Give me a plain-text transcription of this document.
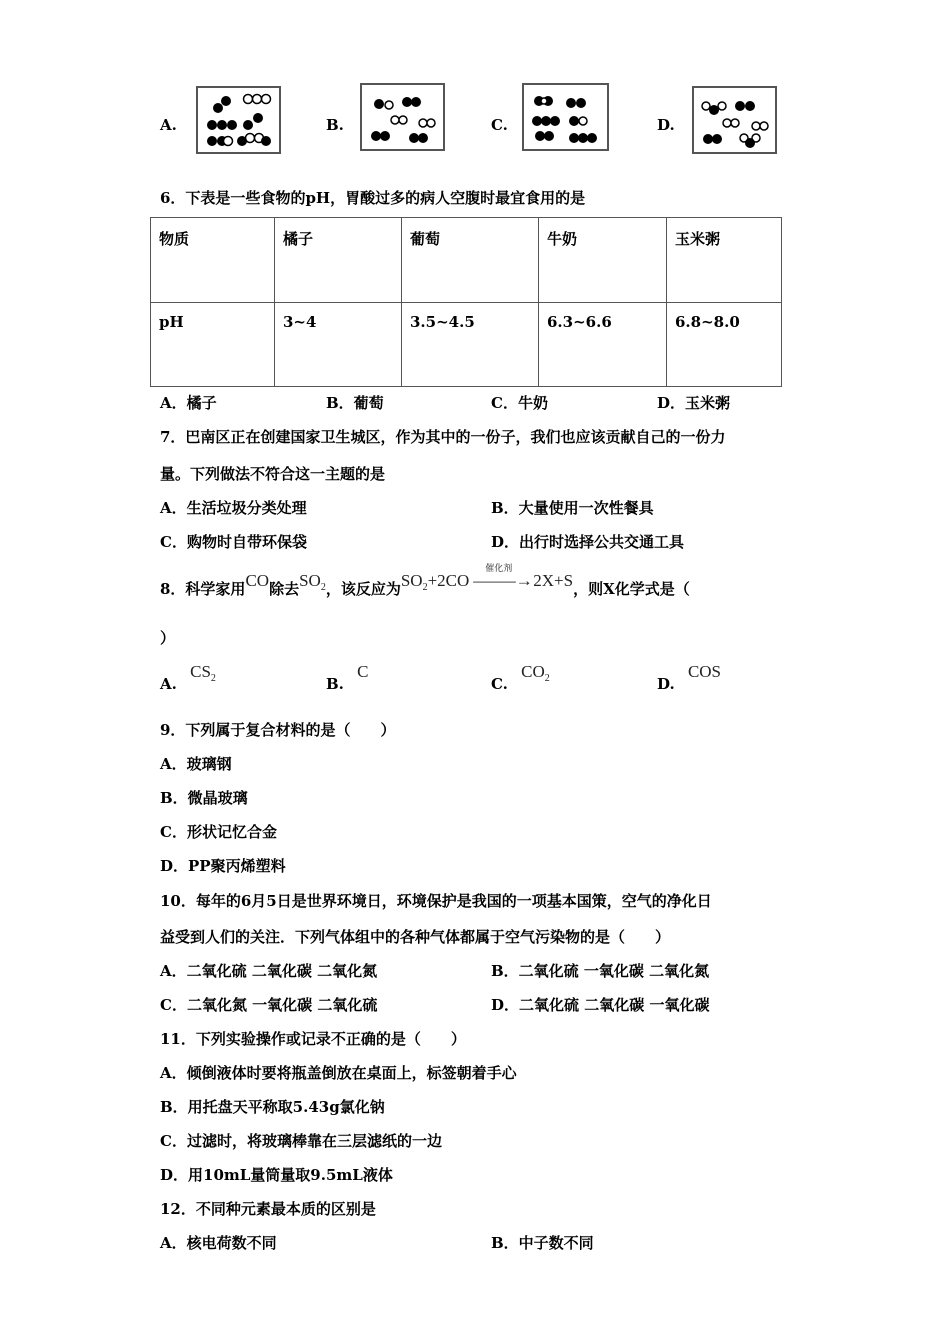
A.	B.	C.	D.
6．下表是一些食物的pH，胃酸过多的病人空腹时最宜食用的是
物质	橘子	葡萄	牛奶	玉米粥
pH	3~4	3.5~4.5	6.3~6.6	6.8~8.0
A．橘子	B．葡萄	C．牛奶	D．玉米粥
7．巴南区正在创建国家卫生城区，作为其中的一份子，我们也应该贡献自己的一份力
量。下列做法不符合这一主题的是
A．生活垃圾分类处理	B．大量使用一次性餐具
C．购物时自带环保袋	D．出行时选择公共交通工具
8．科学家用CO除去$SO_2$，该反应为$SO_2+2CO$
催化剂
–––––→2X+S，则X化学式是（
）
A. $CS_2$	B. C
C. $CO_2$	D. COS
9．下列属于复合材料的是（　　）
A．玻璃钢
B．微晶玻璃
C．形状记忆合金
D．PP聚丙烯塑料
10．每年的6月5日是世界环境日，环境保护是我国的一项基本国策，空气的净化日
益受到人们的关注．下列气体组中的各种气体都属于空气污染物的是（　　）
A．二氧化硫 二氧化碳 二氧化氮	B．二氧化硫 一氧化碳 二氧化氮
C．二氧化氮 一氧化碳 二氧化硫	D．二氧化硫 二氧化碳 一氧化碳
11．下列实验操作或记录不正确的是（　　）
A．倾倒液体时要将瓶盖倒放在桌面上，标签朝着手心
B．用托盘天平称取5.43g氯化钠
C．过滤时，将玻璃棒靠在三层滤纸的一边
D．用10mL量筒量取9.5mL液体
12．不同种元素最本质的区别是
A．核电荷数不同	B．中子数不同
